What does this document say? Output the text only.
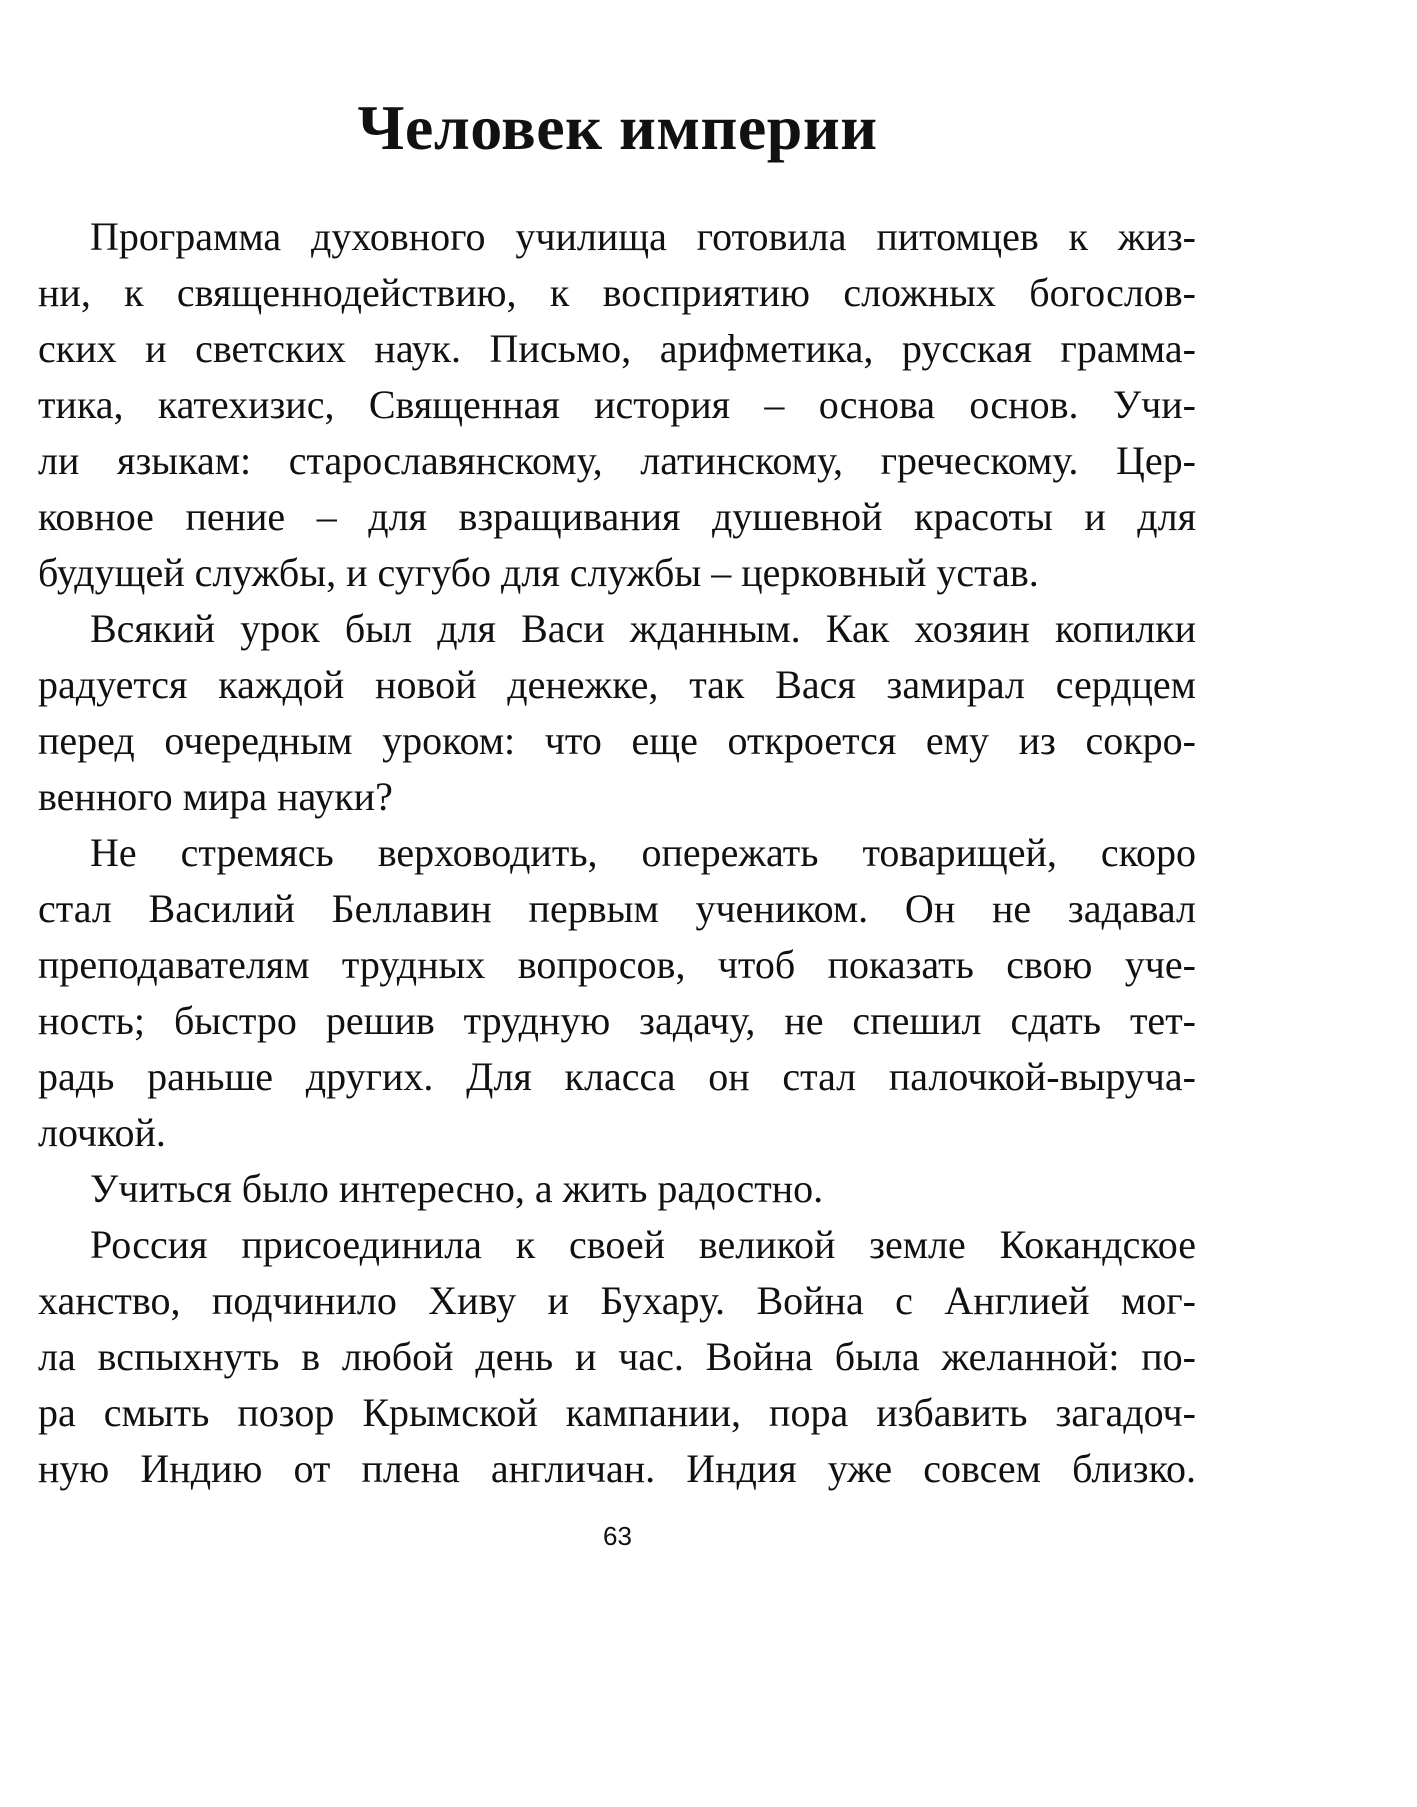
Человек империи
Программа духовного училища готовила питомцев к жиз-
ни, к священнодействию, к восприятию сложных богослов-
ских и светских наук. Письмо, арифметика, русская грамма-
тика, катехизис, Священная история – основа основ. Учи-
ли языкам: старославянскому, латинскому, греческому. Цер-
ковное пение – для взращивания душевной красоты и для
будущей службы, и сугубо для службы – церковный устав.
Всякий урок был для Васи жданным. Как хозяин копилки
радуется каждой новой денежке, так Вася замирал сердцем
перед очередным уроком: что еще откроется ему из сокро-
венного мира науки?
Не стремясь верховодить, опережать товарищей, скоро
стал Василий Беллавин первым учеником. Он не задавал
преподавателям трудных вопросов, чтоб показать свою уче-
ность; быстро решив трудную задачу, не спешил сдать тет-
радь раньше других. Для класса он стал палочкой-выруча-
лочкой.
Учиться было интересно, а жить радостно.
Россия присоединила к своей великой земле Кокандское
ханство, подчинило Хиву и Бухару. Война с Англией мог-
ла вспыхнуть в любой день и час. Война была желанной: по-
ра смыть позор Крымской кампании, пора избавить загадоч-
ную Индию от плена англичан. Индия уже совсем близко.
63
